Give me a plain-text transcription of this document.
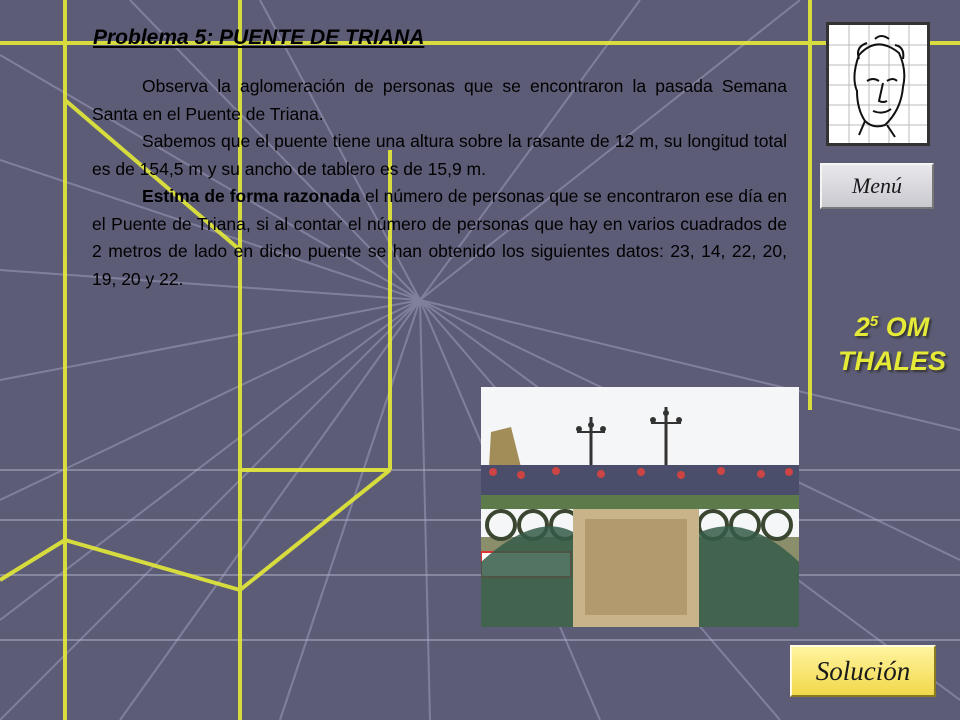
Problema 5: PUENTE DE TRIANA

Observa la aglomeración de personas que se encontraron la pasada Semana Santa en el Puente de Triana.

Sabemos que el puente tiene una altura sobre la rasante de 12 m, su longitud total es de 154,5 m y su ancho de tablero es de 15,9 m.

Estima de forma razonada el número de personas que se encontraron ese día en el Puente de Triana, si al contar el número de personas que hay en varios cuadrados de 2 metros de lado en dicho puente se han obtenido los siguientes datos: 23, 14, 22, 20, 19, 20 y 22.

Menú
$2^5$ OM
THALES
Solución
